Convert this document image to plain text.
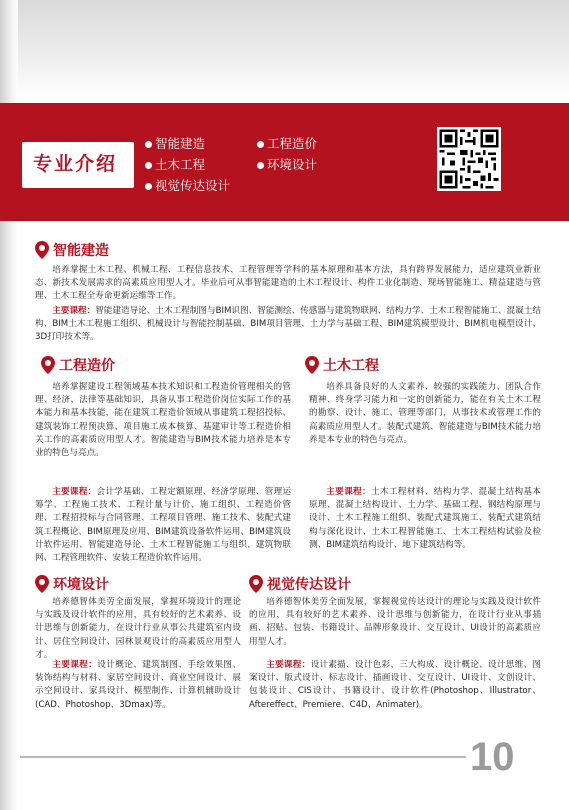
专业介绍
智能建造
土木工程
视觉传达设计
工程造价
环境设计
智能建造
培养掌握土木工程、机械工程、工程信息技术、工程管理等学科的基本原理和基本方法，具有跨界发展能力，适应建筑业新业态、新技术发展需求的高素质应用型人才。毕业后可从事智能建造的土木工程设计、构件工业化制造、现场智能施工、精益建造与管理、土木工程全寿命更新运维等工作。
主要课程：智能建造导论、土木工程制图与BIM识图、智能测绘、传感器与建筑物联网、结构力学、土木工程智能施工、混凝土结构、BIM土木工程施工组织、机械设计与智能控制基础、BIM项目管理、土力学与基础工程、BIM建筑模型设计、BIM机电模型设计、3D打印技术等。
工程造价
培养掌握建设工程领域基本技术知识和工程造价管理相关的管理、经济、法律等基础知识，具备从事工程造价岗位实际工作的基本能力和基本技能，能在建筑工程造价领域从事建筑工程招投标、建筑装饰工程预决算、项目施工成本核算、基建审计等工程造价相关工作的高素质应用型人才。智能建造与BIM技术能力培养是本专业的特色与亮点。
主要课程：会计学基础、工程定额原理、经济学原理、管理运筹学、工程施工技术、工程计量与计价、施工组织、工程造价管理、工程招投标与合同管理、工程项目管理、施工技术、装配式建筑工程概论、BIM原理及应用、BIM建筑设备软件运用、BIM建筑设计软件运用、智能建造导论、土木工程智能施工与组织、建筑物联网、工程管理软件、安装工程造价软件运用。
土木工程
培养具备良好的人文素养、较强的实践能力、团队合作精神、终身学习能力和一定的创新能力，能在有关土木工程的勘察、设计、施工、管理等部门，从事技术或管理工作的高素质应用型人才。装配式建筑、智能建造与BIM技术能力培养是本专业的特色与亮点。
主要课程：土木工程材料、结构力学、混凝土结构基本原理、混凝土结构设计、土力学、基础工程、钢结构原理与设计、土木工程施工组织、装配式建筑施工、装配式建筑结构与深化设计、土木工程智能施工、土木工程结构试验及检测、BIM建筑结构设计、地下建筑结构等。
环境设计
培养德智体美劳全面发展，掌握环境设计的理论与实践及设计软件的应用，具有较好的艺术素养、设计思维与创新能力，在设计行业从事公共建筑室内设计、居住空间设计、园林景观设计的高素质应用型人才。
主要课程：设计概论、建筑制图、手绘效果图、装饰结构与材料、家居空间设计、商业空间设计、展示空间设计、家具设计、模型制作、计算机辅助设计(CAD、Photoshop、3Dmax)等。
视觉传达设计
培养德智体美劳全面发展，掌握视觉传达设计的理论与实践及设计软件的应用，具有较好的艺术素养、设计思维与创新能力，在设计行业从事插画、招贴、包装、书籍设计、品牌形象设计、交互设计、UI设计的高素质应用型人才。
主要课程：设计素描、设计色彩、三大构成、设计概论、设计思维、图案设计、版式设计、标志设计、插画设计、交互设计、UI设计、文创设计、包装设计、CIS设计、书籍设计、设计软件(Photoshop、Illustrator、Aftereffect、Premiere、C4D、Animater)。
10
